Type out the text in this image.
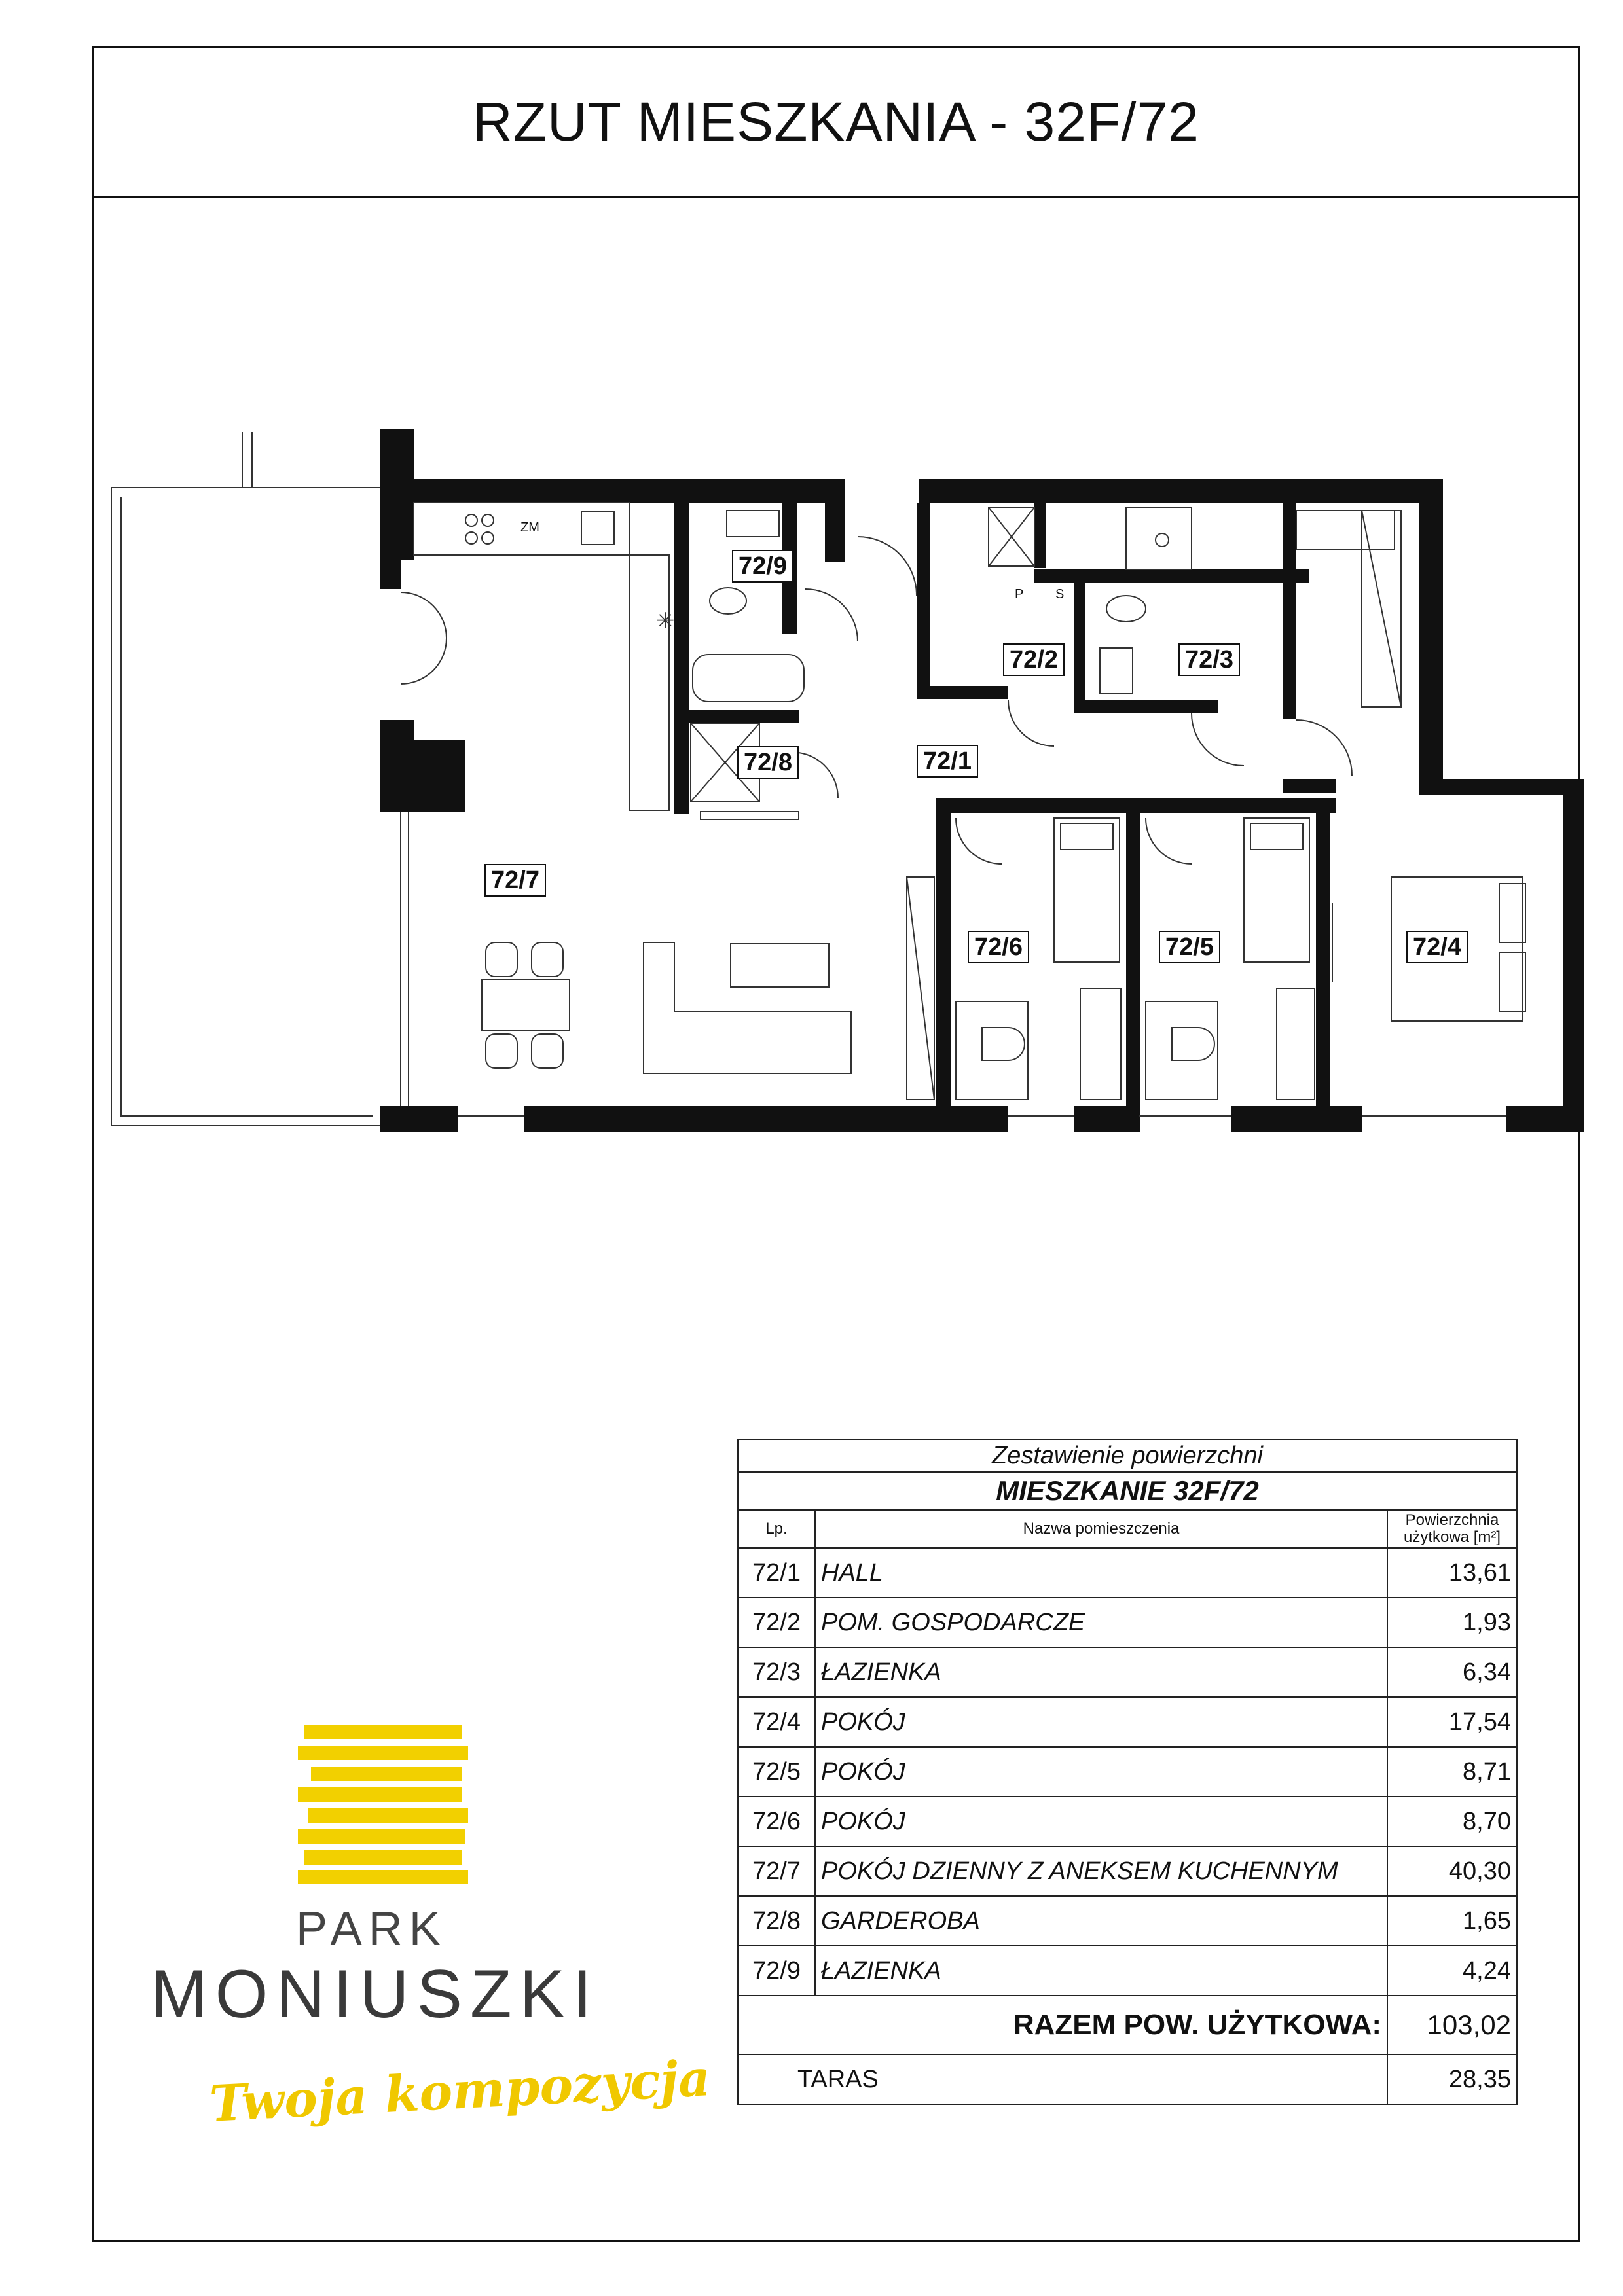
RZUT MIESZKANIA - 32F/72
✳
ZM
P S
72/1
72/2	72/3
72/4
72/5
72/6
72/7
72/8
72/9
Zestawienie powierzchni		
MIESZKANIE 32F/72		
Lp.	Nazwa pomieszczenia	Powierzchnia
użytkowa [m²]

72/1	HALL	13,61
72/2	POM. GOSPODARCZE	1,93
72/3	ŁAZIENKA	6,34
72/4	POKÓJ	17,54
72/5	POKÓJ	8,71
72/6	POKÓJ	8,70
72/7	POKÓJ DZIENNY Z ANEKSEM KUCHENNYM	40,30
72/8	GARDEROBA	1,65
72/9	ŁAZIENKA	4,24
RAZEM POW. UŻYTKOWA:		103,02
TARAS		28,35
PARK
MONIUSZKI
Twoja kompozycja
